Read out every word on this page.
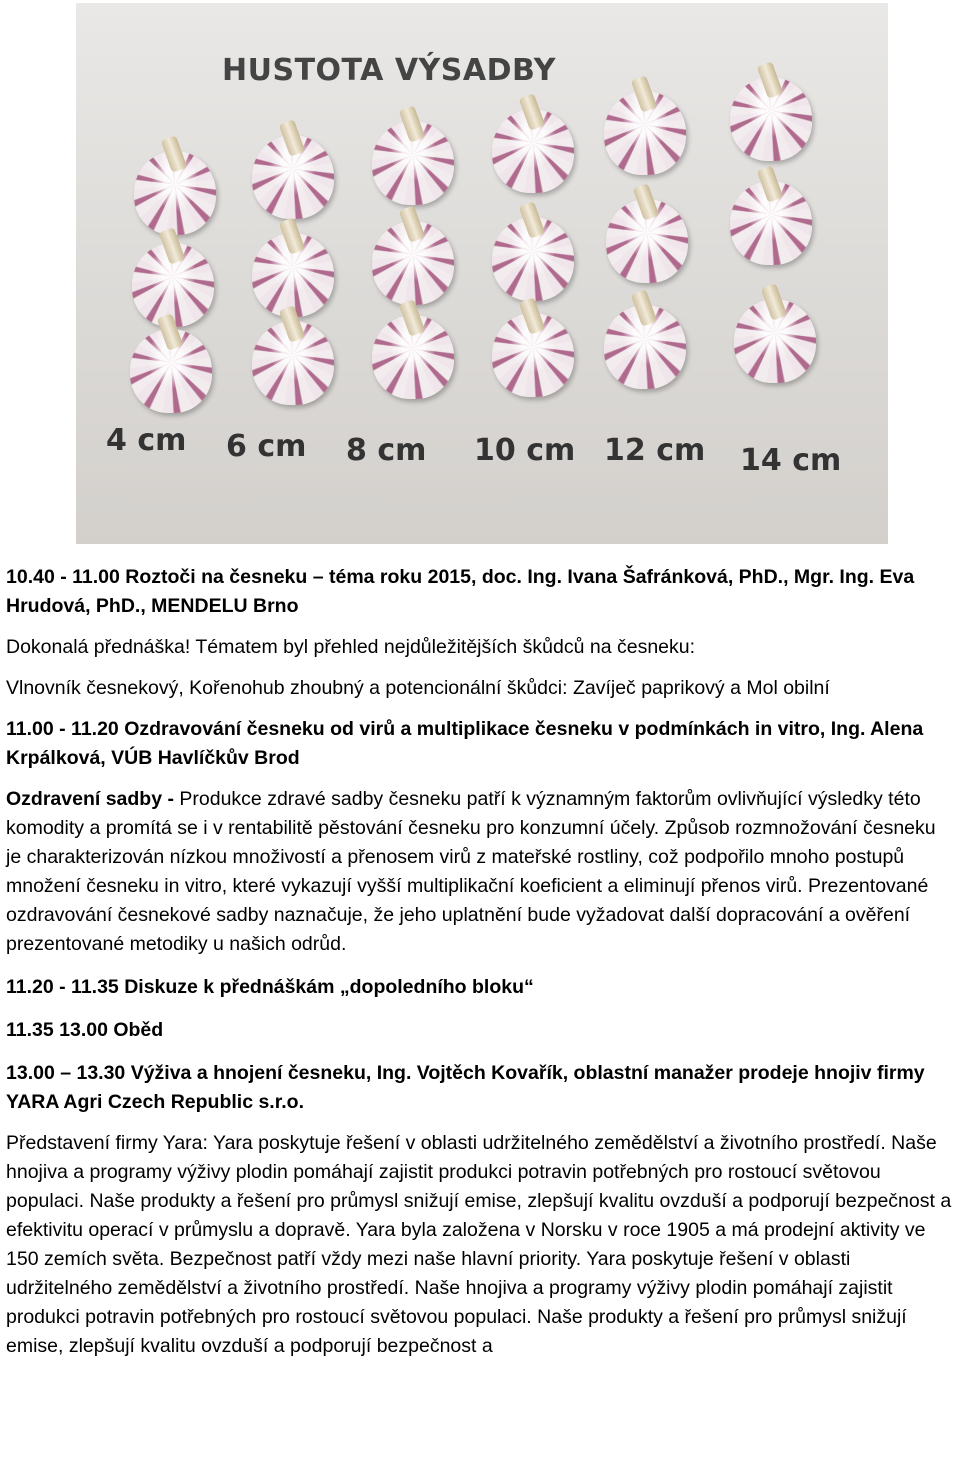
HUSTOTA VÝSADBY
4 cm 6 cm 8 cm 10 cm 12 cm 14 cm

10.40 - 11.00 Roztoči na česneku – téma roku 2015, doc. Ing. Ivana Šafránková, PhD., Mgr. Ing. Eva Hrudová, PhD., MENDELU Brno

Dokonalá přednáška! Tématem byl přehled nejdůležitějších škůdců na česneku:

Vlnovník česnekový, Kořenohub zhoubný a potencionální škůdci: Zavíječ paprikový a Mol obilní

11.00 - 11.20 Ozdravování česneku od virů a multiplikace česneku v podmínkách in vitro, Ing. Alena Krpálková, VÚB Havlíčkův Brod

Ozdravení sadby - Produkce zdravé sadby česneku patří k významným faktorům ovlivňující výsledky této komodity a promítá se i v rentabilitě pěstování česneku pro konzumní účely. Způsob rozmnožování česneku je charakterizován nízkou množivostí a přenosem virů z mateřské rostliny, což podpořilo mnoho postupů množení česneku in vitro, které vykazují vyšší multiplikační koeficient a eliminují přenos virů. Prezentované ozdravování česnekové sadby naznačuje, že jeho uplatnění bude vyžadovat další dopracování a ověření prezentované metodiky u našich odrůd.

11.20 - 11.35 Diskuze k přednáškám „dopoledního bloku“

11.35 13.00 Oběd

13.00 – 13.30 Výživa a hnojení česneku, Ing. Vojtěch Kovařík, oblastní manažer prodeje hnojiv firmy YARA Agri Czech Republic s.r.o.

Představení firmy Yara: Yara poskytuje řešení v oblasti udržitelného zemědělství a životního prostředí. Naše hnojiva a programy výživy plodin pomáhají zajistit produkci potravin potřebných pro rostoucí světovou populaci. Naše produkty a řešení pro průmysl snižují emise, zlepšují kvalitu ovzduší a podporují bezpečnost a efektivitu operací v průmyslu a dopravě. Yara byla založena v Norsku v roce 1905 a má prodejní aktivity ve 150 zemích světa. Bezpečnost patří vždy mezi naše hlavní priority. Yara poskytuje řešení v oblasti udržitelného zemědělství a životního prostředí. Naše hnojiva a programy výživy plodin pomáhají zajistit produkci potravin potřebných pro rostoucí světovou populaci. Naše produkty a řešení pro průmysl snižují emise, zlepšují kvalitu ovzduší a podporují bezpečnost a
